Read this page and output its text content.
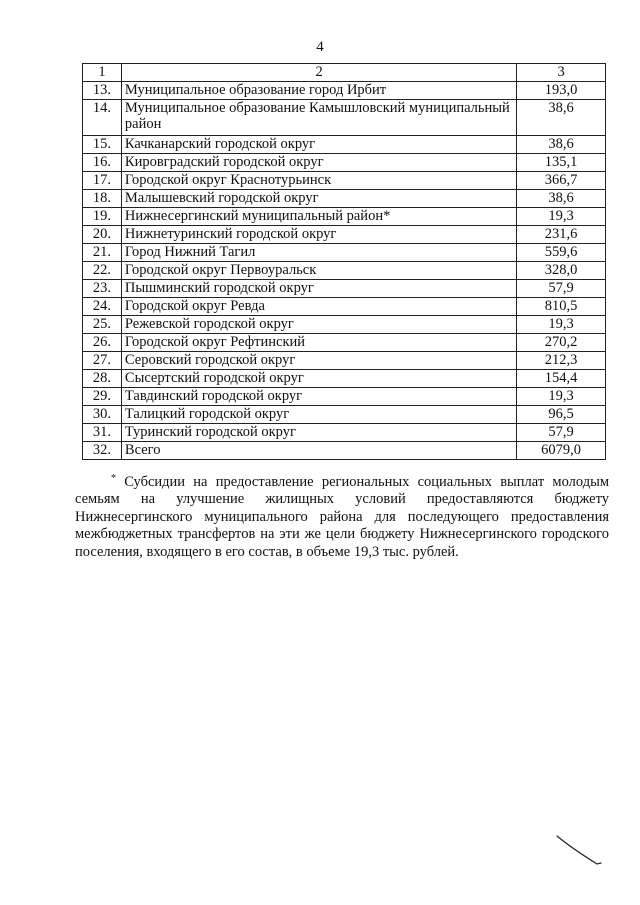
4
1	2	3
13.	Муниципальное образование город Ирбит	193,0
14.	Муниципальное образование Камышловский муниципальный район	38,6
15.	Качканарский городской округ	38,6
16.	Кировградский городской округ	135,1
17.	Городской округ Краснотурьинск	366,7
18.	Малышевский городской округ	38,6
19.	Нижнесергинский муниципальный район*	19,3
20.	Нижнетуринский городской округ	231,6
21.	Город Нижний Тагил	559,6
22.	Городской округ Первоуральск	328,0
23.	Пышминский городской округ	57,9
24.	Городской округ Ревда	810,5
25.	Режевской городской округ	19,3
26.	Городской округ Рефтинский	270,2
27.	Серовский городской округ	212,3
28.	Сысертский городской округ	154,4
29.	Тавдинский городской округ	19,3
30.	Талицкий городской округ	96,5
31.	Туринский городской округ	57,9
32.	Всего	6079,0

* Субсидии на предоставление региональных социальных выплат молодым семьям на улучшение жилищных условий предоставляются бюджету Нижнесергинского муниципального района для последующего предоставления межбюджетных трансфертов на эти же цели бюджету Нижнесергинского городского поселения, входящего в его состав, в объеме 19,3 тыс. рублей.
